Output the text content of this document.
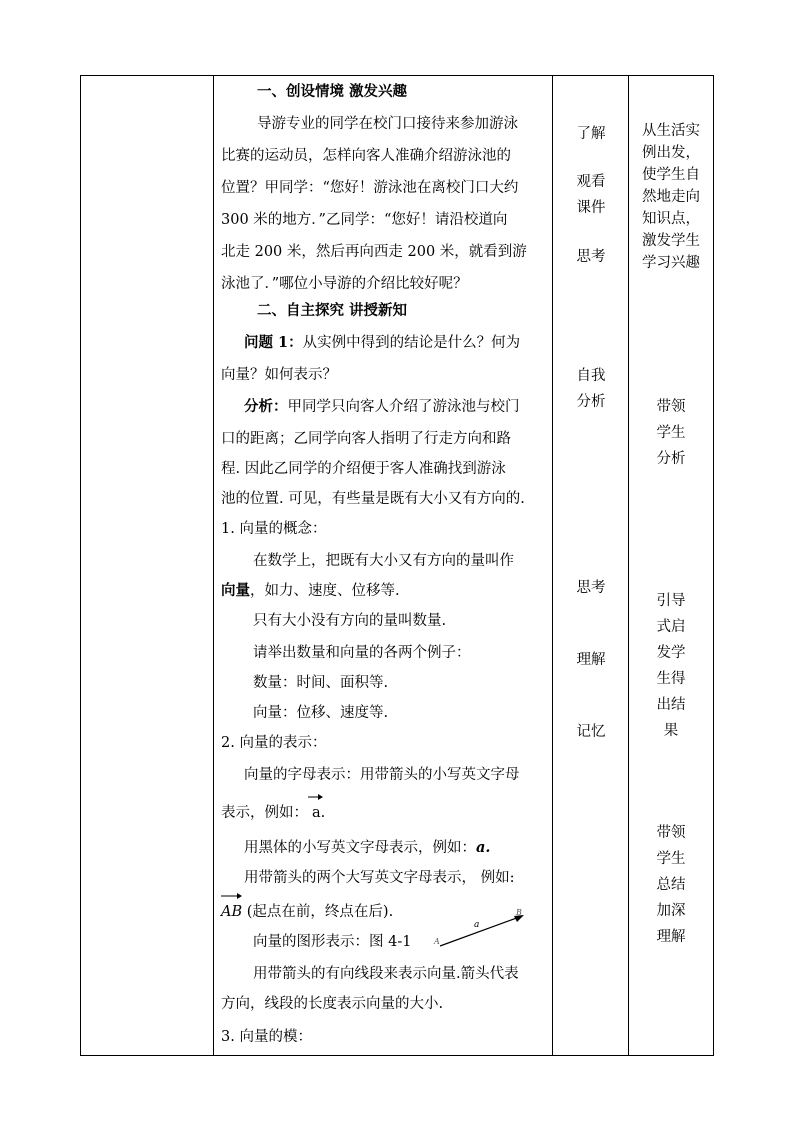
一、创设情境 激发兴趣
导游专业的同学在校门口接待来参加游泳
比赛的运动员，怎样向客人准确介绍游泳池的
位置？甲同学：“您好！游泳池在离校门口大约
300 米的地方．”乙同学：“您好！请沿校道向
北走 200 米，然后再向西走 200 米，就看到游
泳池了．”哪位小导游的介绍比较好呢？
二、自主探究 讲授新知
问题 1：从实例中得到的结论是什么？何为
向量？如何表示？
分析：甲同学只向客人介绍了游泳池与校门
口的距离；乙同学向客人指明了行走方向和路
程. 因此乙同学的介绍便于客人准确找到游泳
池的位置. 可见，有些量是既有大小又有方向的.
1. 向量的概念：
在数学上，把既有大小又有方向的量叫作
向量，如力、速度、位移等.
只有大小没有方向的量叫数量.
请举出数量和向量的各两个例子：
数量：时间、面积等.
向量：位移、速度等.
2. 向量的表示：
向量的字母表示：用带箭头的小写英文字母
表示，例如： a.
用黑体的小写英文字母表示，例如：a.
用带箭头的两个大写英文字母表示， 例如:
AB (起点在前，终点在后).
向量的图形表示：图 4-1
a
A
B
用带箭头的有向线段来表示向量.箭头代表
方向，线段的长度表示向量的大小.
3. 向量的模：
了解
观看
课件
思考
自我
分析
思考
理解
记忆
从生活实
例出发，
使学生自
然地走向
知识点，
激发学生
学习兴趣
带领
学生
分析
引导
式启
发学
生得
出结
果
带领
学生
总结
加深
理解
